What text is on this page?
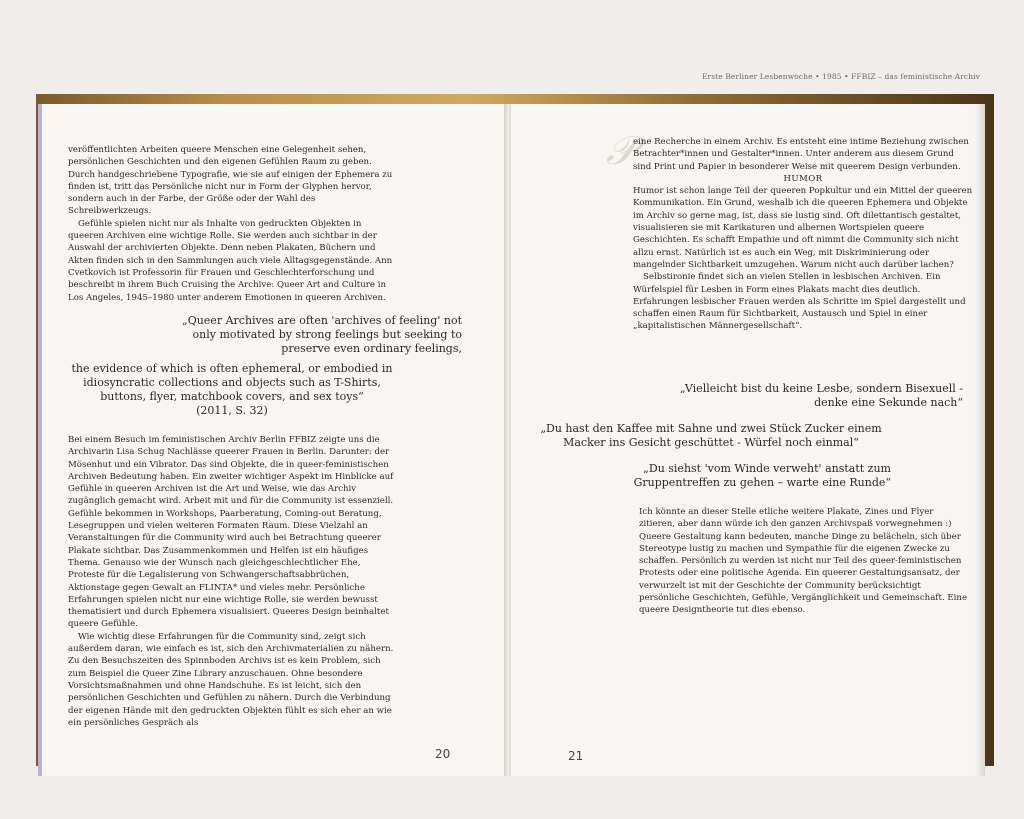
Erste Berliner Lesbenwoche • 1985 • FFBIZ – das feministische Archiv

veröffentlichten Arbeiten queere Menschen eine Gelegenheit sehen, persönlichen Geschichten und den eigenen Gefühlen Raum zu geben. Durch handgeschriebene Typografie, wie sie auf einigen der Ephemera zu finden ist, tritt das Persönliche nicht nur in Form der Glyphen hervor, sondern auch in der Farbe, der Größe oder der Wahl des Schreibwerkzeugs.

Gefühle spielen nicht nur als Inhalte von gedruckten Objekten in queeren Archiven eine wichtige Rolle. Sie werden auch sichtbar in der Auswahl der archivierten Objekte. Denn neben Plakaten, Büchern und Akten finden sich in den Sammlungen auch viele Alltagsgegenstände. Ann Cvetkovich ist Professorin für Frauen und Geschlechterforschung und beschreibt in ihrem Buch Cruising the Archive: Queer Art and Culture in Los Angeles, 1945–1980 unter anderem Emotionen in queeren Archiven.

„Queer Archives are often 'archives of feeling' not only motivated by strong feelings but seeking to preserve even ordinary feelings,

the evidence of which is often ephemeral, or embodied in idiosyncratic collections and objects such as T-Shirts, buttons, flyer, matchbook covers, and sex toys“

(2011, S. 32)

Bei einem Besuch im feministischen Archiv Berlin FFBIZ zeigte uns die Archivarin Lisa Schug Nachlässe queerer Frauen in Berlin. Darunter: der Mösenhut und ein Vibrator. Das sind Objekte, die in queer-feministischen Archiven Bedeutung haben. Ein zweiter wichtiger Aspekt im Hinblicke auf Gefühle in queeren Archiven ist die Art und Weise, wie das Archiv zugänglich gemacht wird. Arbeit mit und für die Community ist essenziell. Gefühle bekommen in Workshops, Paarberatung, Coming-out Beratung, Lesegruppen und vielen weiteren Formaten Raum. Diese Vielzahl an Veranstaltungen für die Community wird auch bei Betrachtung queerer Plakate sichtbar. Das Zusammenkommen und Helfen ist ein häufiges Thema. Genauso wie der Wunsch nach gleichgeschlechtlicher Ehe, Proteste für die Legalisierung von Schwangerschaftsabbrüchen, Aktionstage gegen Gewalt an FLINTA* und vieles mehr. Persönliche Erfahrungen spielen nicht nur eine wichtige Rolle, sie werden bewusst thematisiert und durch Ephemera visualisiert. Queeres Design beinhaltet queere Gefühle.

Wie wichtig diese Erfahrungen für die Community sind, zeigt sich außerdem daran, wie einfach es ist, sich den Archivmaterialien zu nähern. Zu den Besuchszeiten des Spinnboden Archivs ist es kein Problem, sich zum Beispiel die Queer Zine Library anzuschauen. Ohne besondere Vorsichtsmaßnahmen und ohne Handschuhe. Es ist leicht, sich den persönlichen Geschichten und Gefühlen zu nähern. Durch die Verbindung der eigenen Hände mit den gedruckten Objekten fühlt es sich eher an wie ein persönliches Gespräch als

20
𝒫

eine Recherche in einem Archiv. Es entsteht eine intime Beziehung zwischen Betrachter*innen und Gestalter*innen. Unter anderem aus diesem Grund sind Print und Papier in besonderer Weise mit queerem Design verbunden.

HUMOR

Humor ist schon lange Teil der queeren Popkultur und ein Mittel der queeren Kommunikation. Ein Grund, weshalb ich die queeren Ephemera und Objekte im Archiv so gerne mag, ist, dass sie lustig sind. Oft dilettantisch gestaltet, visualisieren sie mit Karikaturen und albernen Wortspielen queere Geschichten. Es schafft Empathie und oft nimmt die Community sich nicht allzu ernst. Natürlich ist es auch ein Weg, mit Diskriminierung oder mangelnder Sichtbarkeit umzugehen. Warum nicht auch darüber lachen?

Selbstironie findet sich an vielen Stellen in lesbischen Archiven. Ein Würfelspiel für Lesben in Form eines Plakats macht dies deutlich. Erfahrungen lesbischer Frauen werden als Schritte im Spiel dargestellt und schaffen einen Raum für Sichtbarkeit, Austausch und Spiel in einer „kapitalistischen Männergesellschaft“.

„Vielleicht bist du keine Lesbe, sondern Bisexuell - denke eine Sekunde nach“

„Du hast den Kaffee mit Sahne und zwei Stück Zucker einem Macker ins Gesicht geschüttet - Würfel noch einmal“

„Du siehst 'vom Winde verweht' anstatt zum Gruppentreffen zu gehen – warte eine Runde“

Ich könnte an dieser Stelle etliche weitere Plakate, Zines und Flyer zitieren, aber dann würde ich den ganzen Archivspaß vorwegnehmen :) Queere Gestaltung kann bedeuten, manche Dinge zu belächeln, sich über Stereotype lustig zu machen und Sympathie für die eigenen Zwecke zu schaffen. Persönlich zu werden ist nicht nur Teil des queer-feministischen Protests oder eine politische Agenda. Ein queerer Gestaltungsansatz, der verwurzelt ist mit der Geschichte der Community berücksichtigt persönliche Geschichten, Gefühle, Vergänglichkeit und Gemeinschaft. Eine queere Designtheorie tut dies ebenso.

21
